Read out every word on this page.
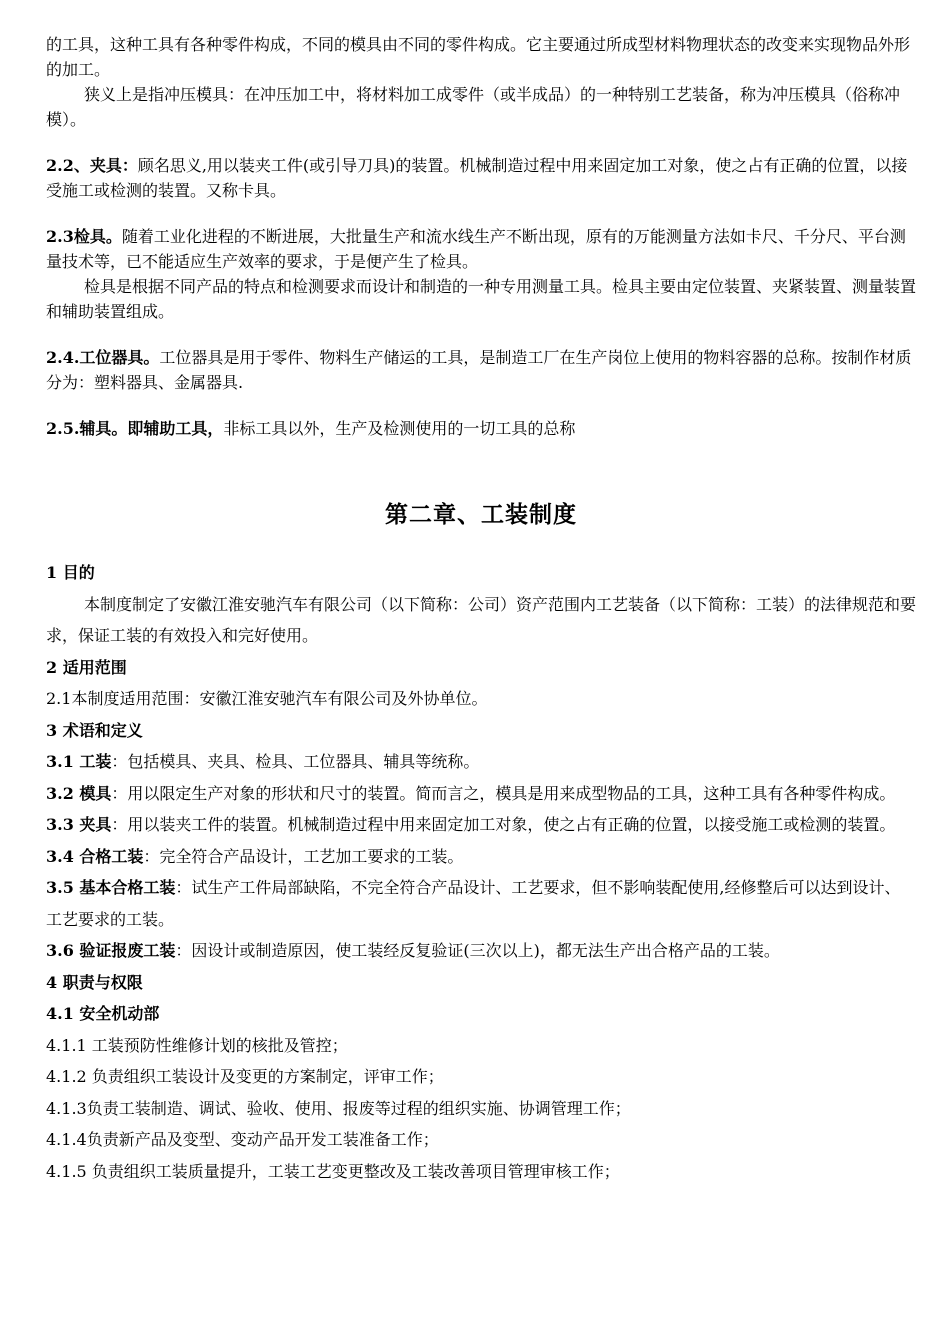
的工具，这种工具有各种零件构成，不同的模具由不同的零件构成。它主要通过所成型材料物理状态的改变来实现物品外形的加工。

狭义上是指冲压模具：在冲压加工中，将材料加工成零件（或半成品）的一种特别工艺装备，称为冲压模具（俗称冲模）。

2.2、夹具：顾名思义,用以装夹工件(或引导刀具)的装置。机械制造过程中用来固定加工对象，使之占有正确的位置，以接受施工或检测的装置。又称卡具。

2.3检具。随着工业化进程的不断进展，大批量生产和流水线生产不断出现，原有的万能测量方法如卡尺、千分尺、平台测量技术等，已不能适应生产效率的要求，于是便产生了检具。

检具是根据不同产品的特点和检测要求而设计和制造的一种专用测量工具。检具主要由定位装置、夹紧装置、测量装置和辅助装置组成。

2.4.工位器具。工位器具是用于零件、物料生产储运的工具，是制造工厂在生产岗位上使用的物料容器的总称。按制作材质分为：塑料器具、金属器具.

2.5.辅具。即辅助工具，非标工具以外，生产及检测使用的一切工具的总称

第二章、工装制度

1 目的

本制度制定了安徽江淮安驰汽车有限公司（以下简称：公司）资产范围内工艺装备（以下简称：工装）的法律规范和要求，保证工装的有效投入和完好使用。

2 适用范围

2.1本制度适用范围：安徽江淮安驰汽车有限公司及外协单位。

3 术语和定义

3.1 工装：包括模具、夹具、检具、工位器具、辅具等统称。

3.2 模具：用以限定生产对象的形状和尺寸的装置。简而言之，模具是用来成型物品的工具，这种工具有各种零件构成。

3.3 夹具：用以装夹工件的装置。机械制造过程中用来固定加工对象，使之占有正确的位置，以接受施工或检测的装置。

3.4 合格工装：完全符合产品设计，工艺加工要求的工装。

3.5 基本合格工装：试生产工件局部缺陷，不完全符合产品设计、工艺要求，但不影响装配使用,经修整后可以达到设计、工艺要求的工装。

3.6 验证报废工装：因设计或制造原因，使工装经反复验证(三次以上)，都无法生产出合格产品的工装。

4 职责与权限

4.1 安全机动部

4.1.1 工装预防性维修计划的核批及管控；

4.1.2 负责组织工装设计及变更的方案制定，评审工作；

4.1.3负责工装制造、调试、验收、使用、报废等过程的组织实施、协调管理工作；

4.1.4负责新产品及变型、变动产品开发工装准备工作；

4.1.5 负责组织工装质量提升，工装工艺变更整改及工装改善项目管理审核工作；
